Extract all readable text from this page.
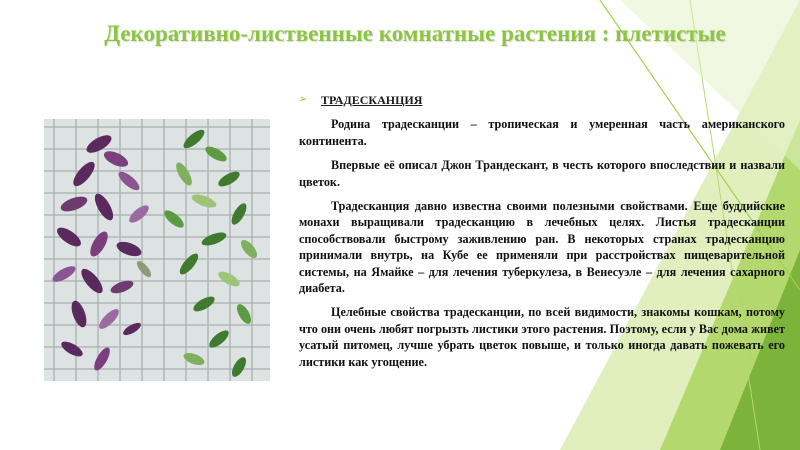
Декоративно-лиственные комнатные растения : плетистые
➢	ТРАДЕСКАНЦИЯ

Родина традесканции – тропическая и умеренная часть американского континента.

Впервые её описал Джон Трандескант, в честь которого впоследствии и назвали цветок.

Традесканция давно известна своими полезными свойствами. Еще буддийские монахи выращивали традесканцию в лечебных целях. Листья традесканции способствовали быстрому заживлению ран. В некоторых странах традесканцию принимали внутрь, на Кубе ее применяли при расстройствах пищеварительной системы, на Ямайке – для лечения туберкулеза, в Венесуэле – для лечения сахарного диабета.

Целебные свойства традесканции, по всей видимости, знакомы кошкам, потому что они очень любят погрызть листики этого растения. Поэтому, если у Вас дома живет усатый питомец, лучше убрать цветок повыше, и только иногда давать пожевать его листики как угощение.
